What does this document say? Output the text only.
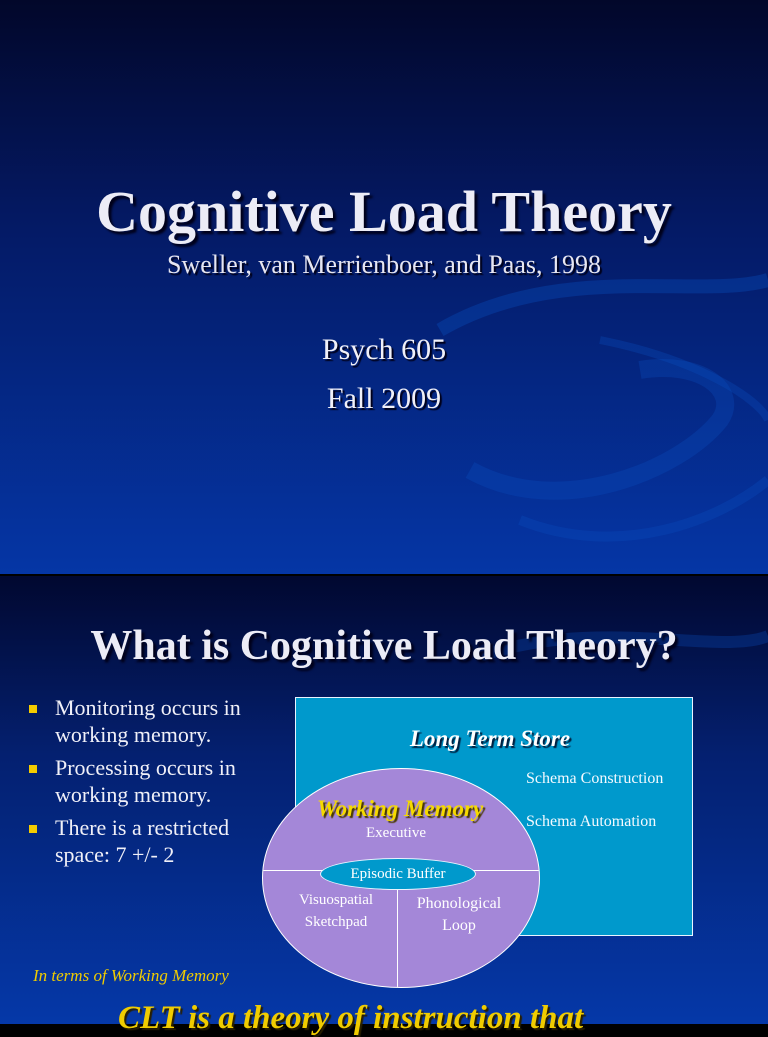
Cognitive Load Theory
Sweller, van Merrienboer, and Paas, 1998
Psych 605
Fall 2009
What is Cognitive Load Theory?
Monitoring occurs in working memory.
Processing occurs in working memory.
There is a restricted space: 7 +/- 2
Long Term Store
Schema Construction
Schema Automation
Working Memory
Executive
Episodic Buffer
Visuospatial
Sketchpad
Phonological
Loop
In terms of Working Memory
CLT is a theory of instruction that
